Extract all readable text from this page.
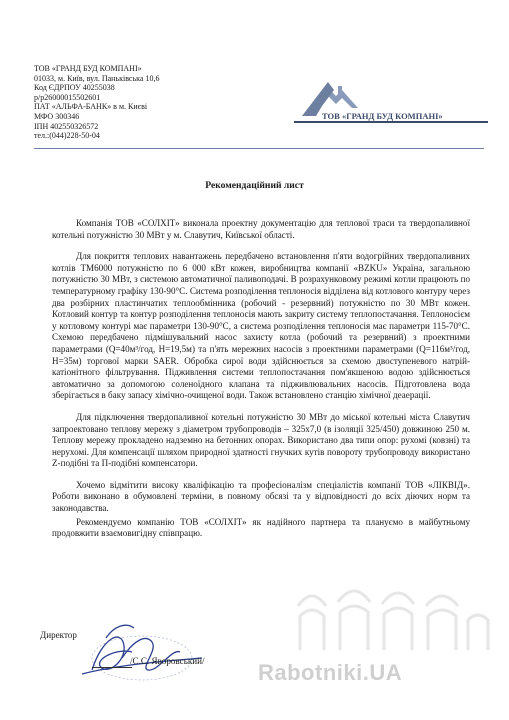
ТОВ «ГРАНД БУД КОМПАНІ»
01033, м. Київ, вул. Паньківська 10,6
Код ЄДРПОУ 40255038
р/р26000015502601
ПАТ «АЛЬФА-БАНК» в м. Києві
МФО 300346
ІПН 402550326572
тел.:(044)228-50-04
ТОВ «ГРАНД БУД КОМПАНІ»
Рекомендаційний лист

Компанія ТОВ «СОЛХІТ» виконала проектну документацію для теплової траси та твердопаливної котельні потужністю 30 МВт у м. Славутич, Київської області.

Для покриття теплових навантажень передбачено встановлення п'яти водогрійних твердопаливних котлів TM6000 потужністю по 6 000 кВт кожен, виробництва компанії «BZKU» Україна, загальною потужністю 30 МВт, з системою автоматичної паливоподачі. В розрахунковому режимі котли працюють по температурному графіку 130-90°С. Система розподілення теплоносія відділена від котлового контуру через два розбірних пластинчатих теплообмінника (робочий - резервний) потужністю по 30 МВт кожен. Котловий контур та контур розподілення теплоносія мають закриту систему теплопостачання. Теплоносієм у котловому контурі має параметри 130-90°С, а система розподілення теплоносія має параметри 115-70°С. Схемою передбачено підмішувальний насос захисту котла (робочий та резервний) з проектними параметрами (Q=40м³/год, H=19,5м) та п'ять мережних насосів з проектними параметрами (Q=116м³/год, H=35м) торгової марки SAER. Обробка сирої води здійснюється за схемою двоступеневого натрій-катіонітного фільтрування. Підживлення системи теплопостачання пом'якшеною водою здійснюється автоматично за допомогою соленоїдного клапана та підживлювальних насосів. Підготовлена вода зберігається в баку запасу хімічно-очищеної води. Також встановлено станцію хімічної деаерації.

Для підключення твердопаливної котельні потужністю 30 МВт до міської котельні міста Славутич запроектовано теплову мережу з діаметром трубопроводів – 325х7,0 (в ізоляції 325/450) довжиною 250 м. Теплову мережу прокладено надземно на бетонних опорах. Використано два типи опор: рухомі (ковзні) та нерухомі. Для компенсації шляхом природної здатності гнучких кутів повороту трубопроводу використано Z-подібні та П-подібні компенсатори.

Хочемо відмітити високу кваліфікацію та професіоналізм спеціалістів компанії ТОВ «ЛІКВІД». Роботи виконано в обумовлені терміни, в повному обсязі та у відповідності до всіх діючих норм та законодавства.

Рекомендуємо компанію ТОВ «СОЛХІТ» як надійного партнера та плануємо в майбутньому продовжити взаємовигідну співпрацю.

Директор
/С.С. Яворовський/ Rabotniki.UA
